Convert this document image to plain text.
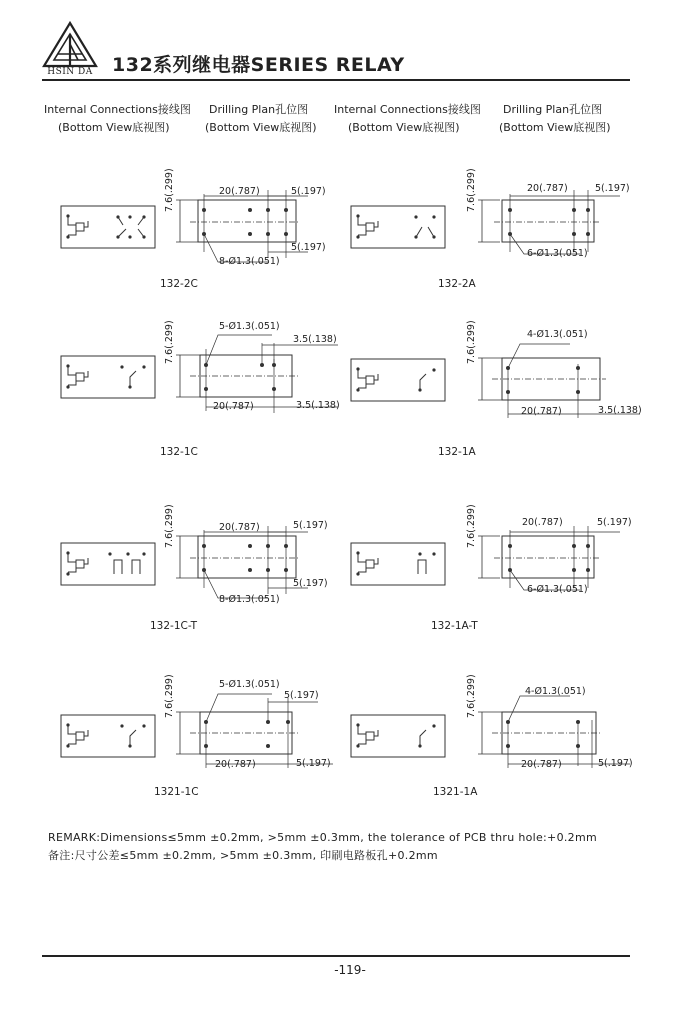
HSIN DA	132系列继电器SERIES RELAY
Internal Connections接线图
(Bottom View底视图)
Drilling Plan孔位图
(Bottom View底视图)
Internal Connections接线图
(Bottom View底视图)
Drilling Plan孔位图
(Bottom View底视图)
7.6(.299)	20(.787)	5(.197)
5(.197)
8-Ø1.3(.051)
132-2C
7.6(.299)	20(.787)	5(.197)
6-Ø1.3(.051)
132-2A
7.6(.299)	5-Ø1.3(.051)
3.5(.138)
20(.787)	3.5(.138)
132-1C
7.6(.299)	4-Ø1.3(.051)
20(.787)	3.5(.138)
132-1A
7.6(.299)	20(.787)	5(.197)
5(.197)
8-Ø1.3(.051)
132-1C-T
7.6(.299)	20(.787)	5(.197)
6-Ø1.3(.051)
132-1A-T
7.6(.299)	5-Ø1.3(.051)
5(.197)
20(.787)	5(.197)
1321-1C
7.6(.299)	4-Ø1.3(.051)
20(.787)	5(.197)
1321-1A
REMARK:Dimensions≤5mm ±0.2mm, >5mm ±0.3mm, the tolerance of PCB thru hole:+0.2mm
备注:尺寸公差≤5mm ±0.2mm, >5mm ±0.3mm, 印刷电路板孔+0.2mm
-119-
